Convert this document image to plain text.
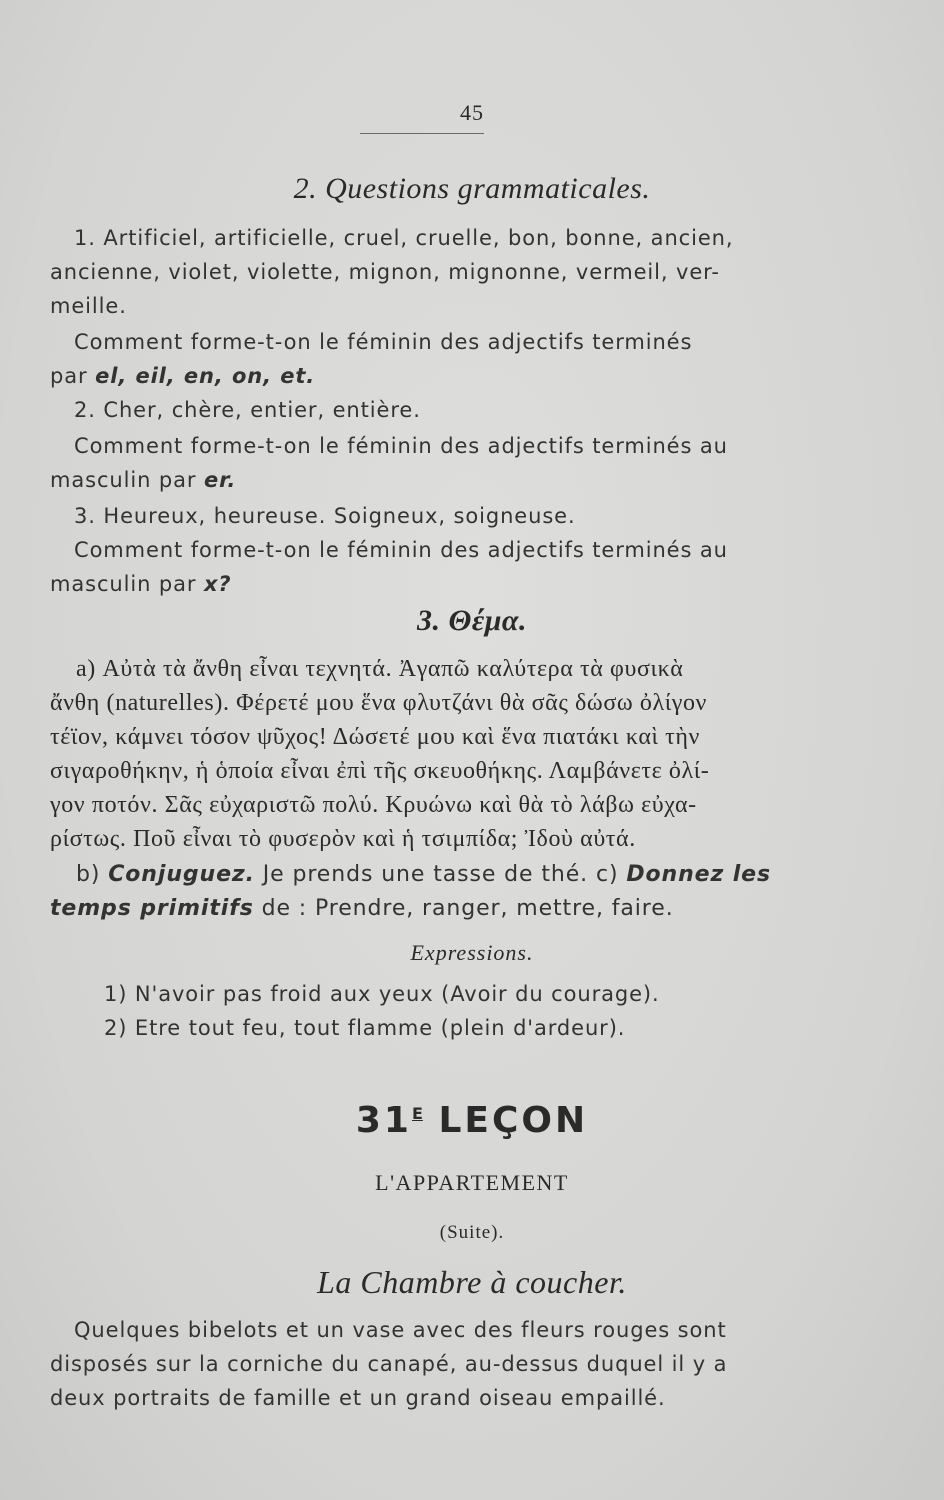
45
2. Questions grammaticales.
1. Artificiel, artificielle, cruel, cruelle, bon, bonne, ancien,
ancienne, violet, violette, mignon, mignonne, vermeil, ver-
meille.
Comment forme-t-on le féminin des adjectifs terminés
par el, eil, en, on, et.
2. Cher, chère, entier, entière.
Comment forme-t-on le féminin des adjectifs terminés au
masculin par er.
3. Heureux, heureuse. Soigneux, soigneuse.
Comment forme-t-on le féminin des adjectifs terminés au
masculin par x?
3. Θέμα.
a) Αὐτὰ τὰ ἄνθη εἶναι τεχνητά. Ἀγαπῶ καλύτερα τὰ φυσικὰ
ἄνθη (naturelles). Φέρετέ μου ἕνα φλυτζάνι θὰ σᾶς δώσω ὀλίγον
τέϊον, κάμνει τόσον ψῦχος! Δώσετέ μου καὶ ἕνα πιατάκι καὶ τὴν
σιγαροθήκην, ἡ ὁποία εἶναι ἐπὶ τῆς σκευοθήκης. Λαμβάνετε ὀλί-
γον ποτόν. Σᾶς εὐχαριστῶ πολύ. Κρυώνω καὶ θὰ τὸ λάβω εὐχα-
ρίστως. Ποῦ εἶναι τὸ φυσερὸν καὶ ἡ τσιμπίδα; Ἰδοὺ αὐτά.
b) Conjuguez. Je prends une tasse de thé. c) Donnez les
temps primitifs de : Prendre, ranger, mettre, faire.
Expressions.
1) N'avoir pas froid aux yeux (Avoir du courage).
2) Etre tout feu, tout flamme (plein d'ardeur).
$31^E$ LEÇON
L'APPARTEMENT
(Suite).
La Chambre à coucher.
Quelques bibelots et un vase avec des fleurs rouges sont
disposés sur la corniche du canapé, au-dessus duquel il y a
deux portraits de famille et un grand oiseau empaillé.
